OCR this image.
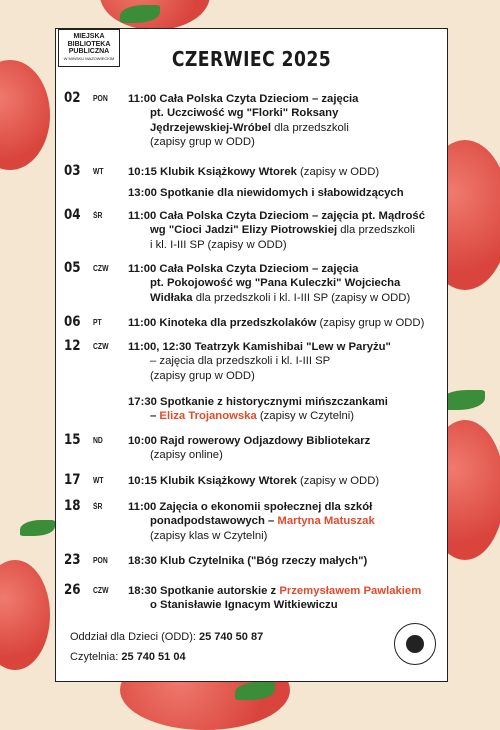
MIEJSKA
BIBLIOTEKA
PUBLICZNA
W MIŃSKU MAZOWIECKIM	CZERWIEC 2025
02 PON 11:00 Cała Polska Czyta Dzieciom – zajęcia
pt. Uczciwość wg "Florki" Roksany
Jędrzejewskiej-Wróbel dla przedszkoli
(zapisy grup w ODD)
03 WT 10:15 Klubik Książkowy Wtorek (zapisy w ODD)
13:00 Spotkanie dla niewidomych i słabowidzących
04 ŚR 11:00 Cała Polska Czyta Dzieciom – zajęcia pt. Mądrość
wg "Cioci Jadzi" Elizy Piotrowskiej dla przedszkoli
i kl. I-III SP (zapisy w ODD)
05 CZW 11:00 Cała Polska Czyta Dzieciom – zajęcia
pt. Pokojowość wg "Pana Kuleczki" Wojciecha
Widłaka dla przedszkoli i kl. I-III SP (zapisy w ODD)
06 PT 11:00 Kinoteka dla przedszkolaków (zapisy grup w ODD)
12 CZW 11:00, 12:30 Teatrzyk Kamishibai "Lew w Paryżu"
– zajęcia dla przedszkoli i kl. I-III SP
(zapisy grup w ODD)
17:30 Spotkanie z historycznymi mińszczankami
– Eliza Trojanowska (zapisy w Czytelni)
15 ND 10:00 Rajd rowerowy Odjazdowy Bibliotekarz
(zapisy online)
17 WT 10:15 Klubik Książkowy Wtorek (zapisy w ODD)
18 ŚR 11:00 Zajęcia o ekonomii społecznej dla szkół
ponadpodstawowych – Martyna Matuszak
(zapisy klas w Czytelni)
23 PON 18:30 Klub Czytelnika ("Bóg rzeczy małych")
26 CZW 18:30 Spotkanie autorskie z Przemysławem Pawlakiem
o Stanisławie Ignacym Witkiewiczu
Oddział dla Dzieci (ODD): 25 740 50 87
Czytelnia: 25 740 51 04
